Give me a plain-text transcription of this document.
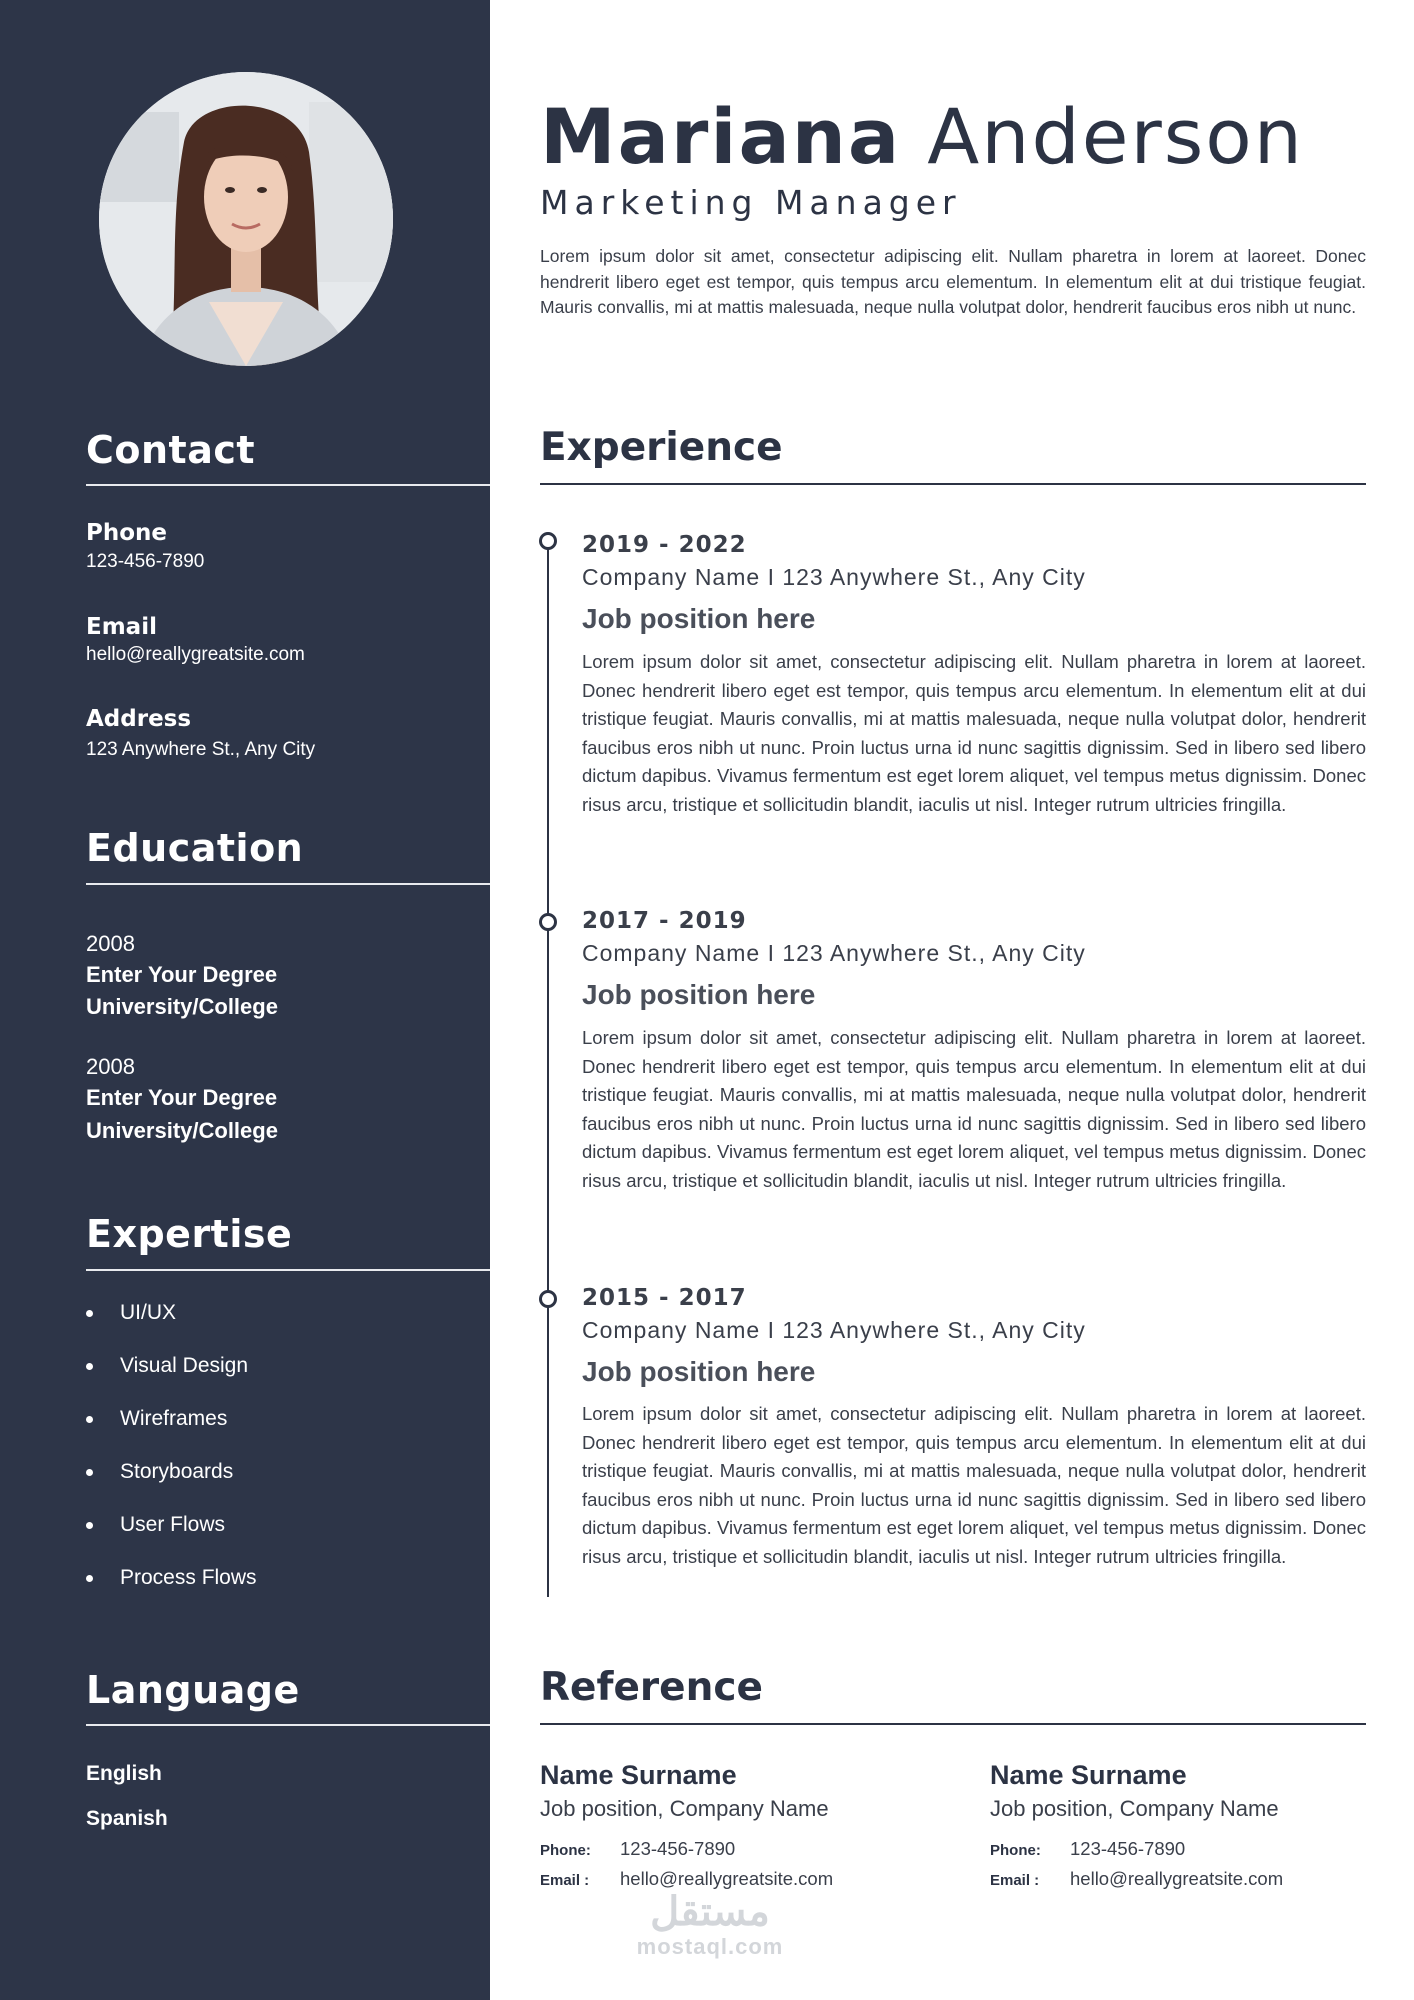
Contact
Phone
123-456-7890
Email
hello@reallygreatsite.com
Address
123 Anywhere St., Any City
Education
2008
Enter Your Degree
University/College
2008
Enter Your Degree
University/College
Expertise
UI/UX
Visual Design
Wireframes
Storyboards
User Flows
Process Flows
Language
English
Spanish
Mariana Anderson
Marketing Manager
Lorem ipsum dolor sit amet, consectetur adipiscing elit. Nullam pharetra in lorem at laoreet. Donec hendrerit libero eget est tempor, quis tempus arcu elementum. In elementum elit at dui tristique feugiat. Mauris convallis, mi at mattis malesuada, neque nulla volutpat dolor, hendrerit faucibus eros nibh ut nunc.
Experience
2019 - 2022
Company Name I 123 Anywhere St., Any City
Job position here
Lorem ipsum dolor sit amet, consectetur adipiscing elit. Nullam pharetra in lorem at laoreet. Donec hendrerit libero eget est tempor, quis tempus arcu elementum. In elementum elit at dui tristique feugiat. Mauris convallis, mi at mattis malesuada, neque nulla volutpat dolor, hendrerit faucibus eros nibh ut nunc. Proin luctus urna id nunc sagittis dignissim. Sed in libero sed libero dictum dapibus. Vivamus fermentum est eget lorem aliquet, vel tempus metus dignissim. Donec risus arcu, tristique et sollicitudin blandit, iaculis ut nisl. Integer rutrum ultricies fringilla.
2017 - 2019
Company Name I 123 Anywhere St., Any City
Job position here
Lorem ipsum dolor sit amet, consectetur adipiscing elit. Nullam pharetra in lorem at laoreet. Donec hendrerit libero eget est tempor, quis tempus arcu elementum. In elementum elit at dui tristique feugiat. Mauris convallis, mi at mattis malesuada, neque nulla volutpat dolor, hendrerit faucibus eros nibh ut nunc. Proin luctus urna id nunc sagittis dignissim. Sed in libero sed libero dictum dapibus. Vivamus fermentum est eget lorem aliquet, vel tempus metus dignissim. Donec risus arcu, tristique et sollicitudin blandit, iaculis ut nisl. Integer rutrum ultricies fringilla.
2015 - 2017
Company Name I 123 Anywhere St., Any City
Job position here
Lorem ipsum dolor sit amet, consectetur adipiscing elit. Nullam pharetra in lorem at laoreet. Donec hendrerit libero eget est tempor, quis tempus arcu elementum. In elementum elit at dui tristique feugiat. Mauris convallis, mi at mattis malesuada, neque nulla volutpat dolor, hendrerit faucibus eros nibh ut nunc. Proin luctus urna id nunc sagittis dignissim. Sed in libero sed libero dictum dapibus. Vivamus fermentum est eget lorem aliquet, vel tempus metus dignissim. Donec risus arcu, tristique et sollicitudin blandit, iaculis ut nisl. Integer rutrum ultricies fringilla.
Reference
Name Surname
Job position, Company Name
Phone:	123-456-7890
Email :	hello@reallygreatsite.com
Name Surname
Job position, Company Name
Phone:	123-456-7890
Email :	hello@reallygreatsite.com
مستقل
mostaql.com
